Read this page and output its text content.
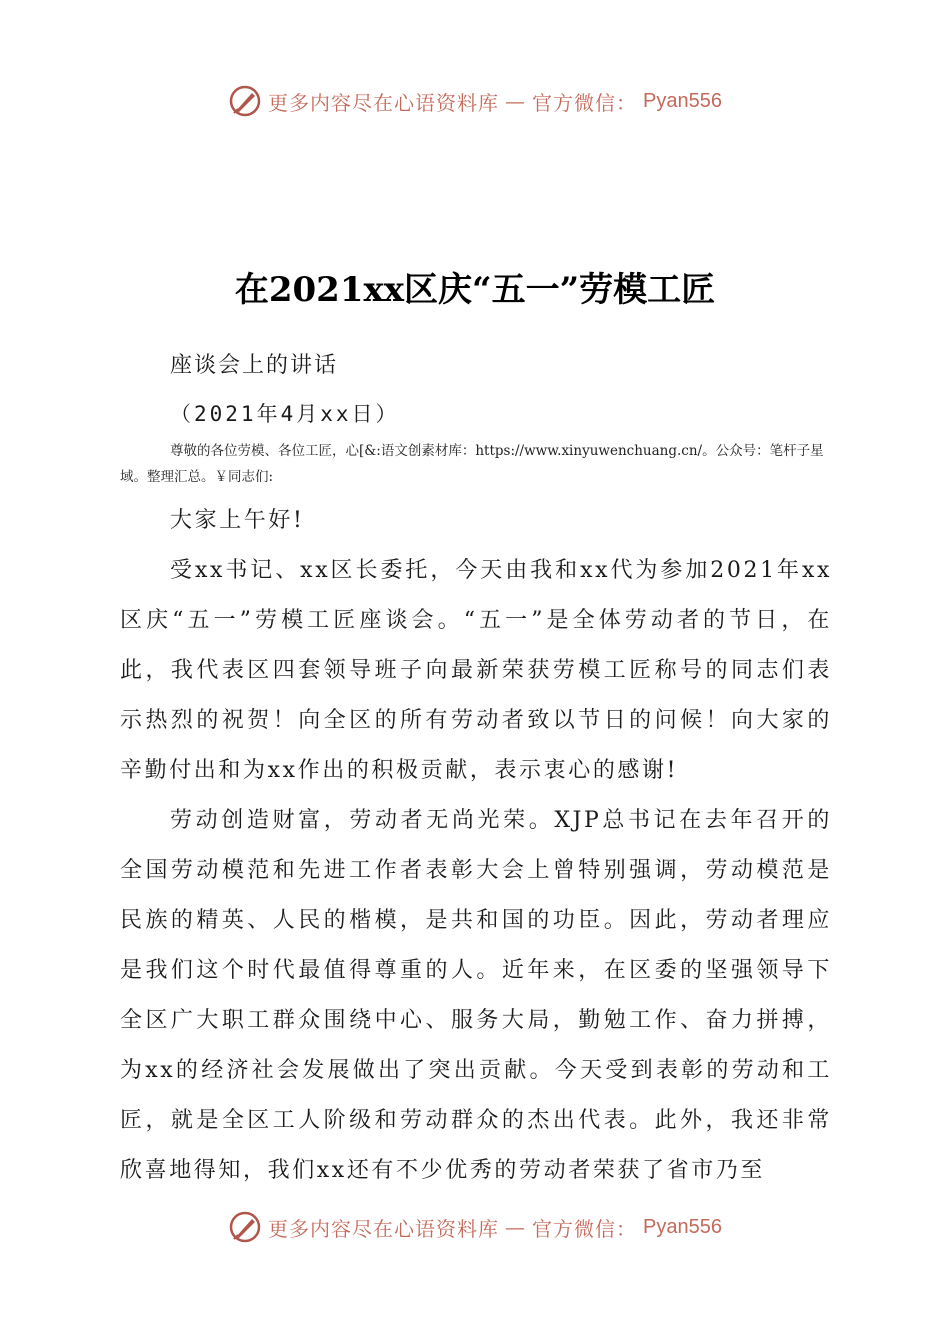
更多内容尽在心语资料库 — 官方微信： Pyan556
在2021xx区庆“五一”劳模工匠
座谈会上的讲话
（2021年4月xx日）
尊敬的各位劳模、各位工匠，心[&:语文创素材库：https://www.xinyuwenchuang.cn/。公众号：笔杆子星域。整理汇总。￥同志们:

大家上午好!

受xx书记、xx区长委托，今天由我和xx代为参加2021年xx区庆“五一”劳模工匠座谈会。“五一”是全体劳动者的节日，在此，我代表区四套领导班子向最新荣获劳模工匠称号的同志们表示热烈的祝贺！向全区的所有劳动者致以节日的问候！向大家的辛勤付出和为xx作出的积极贡献，表示衷心的感谢!

劳动创造财富，劳动者无尚光荣。XJP总书记在去年召开的全国劳动模范和先进工作者表彰大会上曾特别强调，劳动模范是民族的精英、人民的楷模，是共和国的功臣。因此，劳动者理应是我们这个时代最值得尊重的人。近年来，在区委的坚强领导下全区广大职工群众围绕中心、服务大局，勤勉工作、奋力拼搏，为xx的经济社会发展做出了突出贡献。今天受到表彰的劳动和工匠，就是全区工人阶级和劳动群众的杰出代表。此外，我还非常欣喜地得知，我们xx还有不少优秀的劳动者荣获了省市乃至

更多内容尽在心语资料库 — 官方微信： Pyan556
